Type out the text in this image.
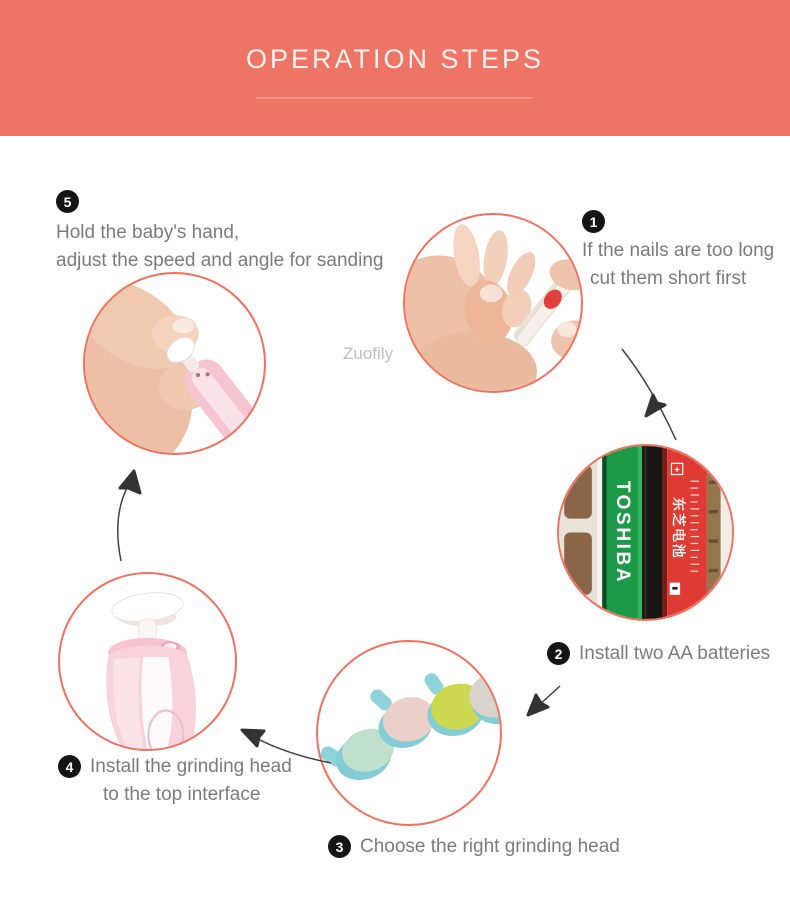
OPERATION STEPS
5
Hold the baby's hand,
adjust the speed and angle for sanding
1
If the nails are too long
cut them short first
Zuofily
TOSHIBA
+
东芝电池
2 Install two AA batteries
3 Choose the right grinding head
4 Install the grinding head
to the top interface
